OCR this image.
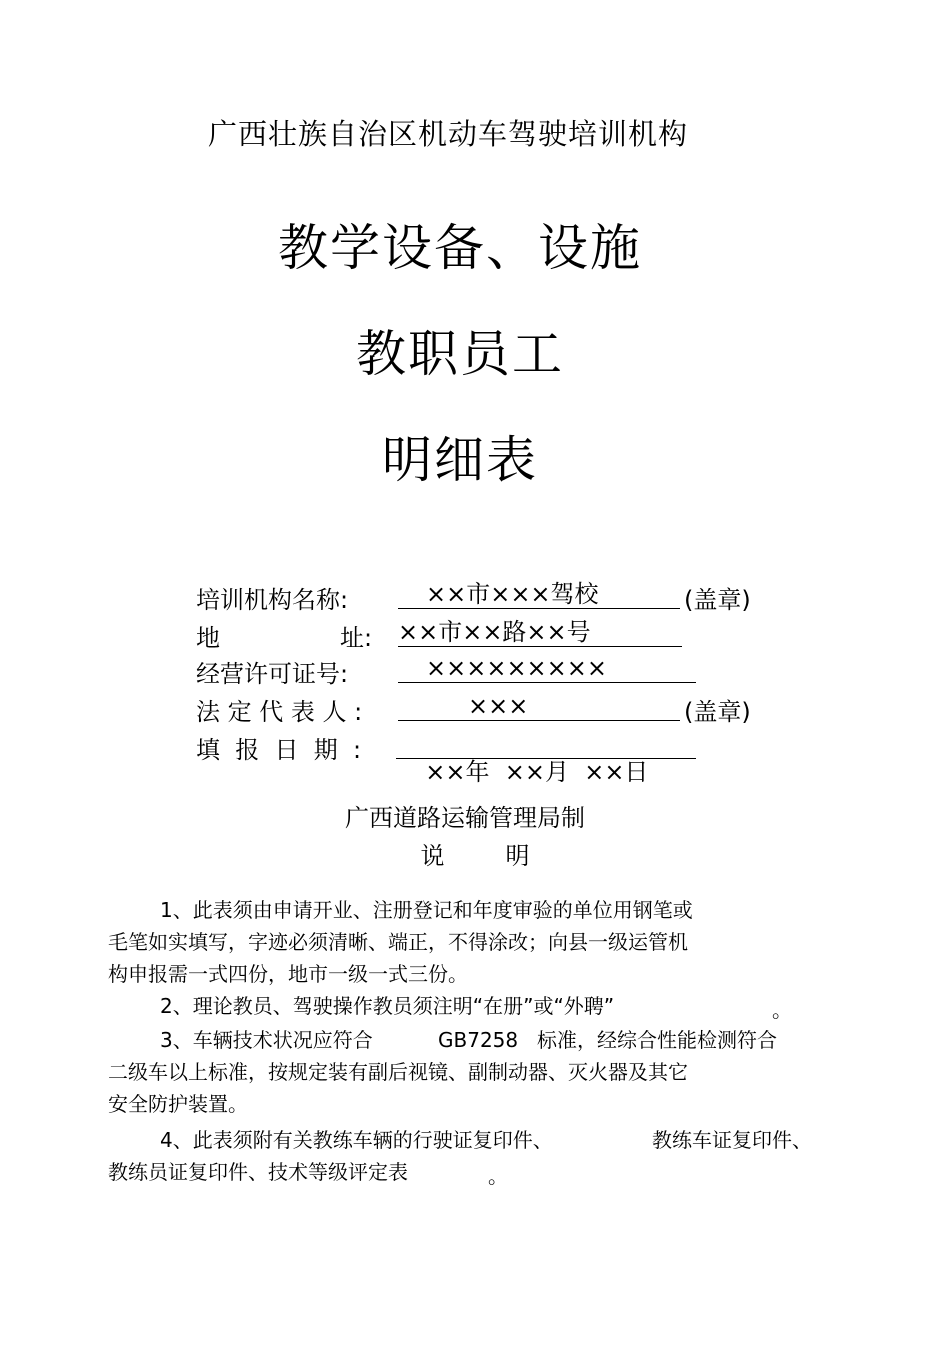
广西壮族自治区机动车驾驶培训机构
教学设备、设施
教职员工
明细表
培训机构名称:	××市×××驾校	(盖章)
地	址: ××市××路××号
经营许可证号:	×××××××××
法 定 代 表 人 :	×××	(盖章)
填  报  日  期  :

××年  ××月  ××日

广西道路运输管理局制
说        明
1、此表须由申请开业、注册登记和年度审验的单位用钢笔或
毛笔如实填写，字迹必须清晰、端正，不得涂改；向县一级运管机
构申报需一式四份，地市一级一式三份。
2、理论教员、驾驶操作教员须注明“在册”或“外聘”	。
3、车辆技术状况应符合	GB7258 标准，经综合性能检测符合
二级车以上标准，按规定装有副后视镜、副制动器、灭火器及其它
安全防护装置。
4、此表须附有关教练车辆的行驶证复印件、	教练车证复印件、
教练员证复印件、技术等级评定表	。
